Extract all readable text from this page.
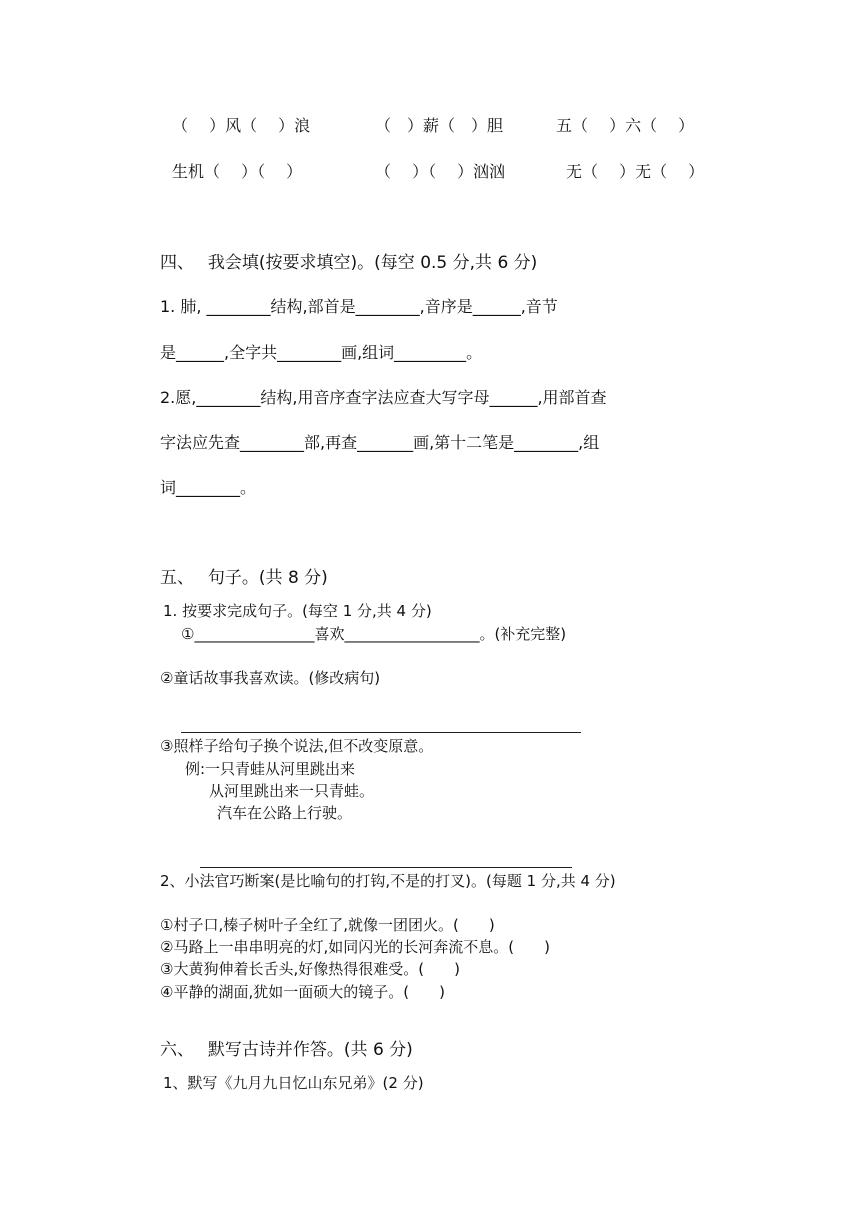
（　 ）风（　 ）浪	（　）薪（　）胆	五（　 ）六（　 ）
生机（　 ）（　 ）	（　 ）（　 ）汹汹	无（　 ）无（　 ）
四、　 我会填(按要求填空)。(每空 0.5 分,共 6 分)
1. 肺, ________结构,部首是________,音序是______,音节
是______,全字共________画,组词_________。
2.愿,________结构,用音序查字法应查大写字母______,用部首查
字法应先查________部,再查_______画,第十二笔是________,组
词________。
五、　 句子。(共 8 分)
1. 按要求完成句子。(每空 1 分,共 4 分)
①________________喜欢__________________。(补充完整)
②童话故事我喜欢读。(修改病句)
③照样子给句子换个说法,但不改变原意。
例:一只青蛙从河里跳出来
从河里跳出来一只青蛙。
汽车在公路上行驶。
2、小法官巧断案(是比喻句的打钩,不是的打叉)。(每题 1 分,共 4 分)
①村子口,榛子树叶子全红了,就像一团团火。(　　)
②马路上一串串明亮的灯,如同闪光的长河奔流不息。(　　)
③大黄狗伸着长舌头,好像热得很难受。(　　)
④平静的湖面,犹如一面硕大的镜子。(　　)
六、　 默写古诗并作答。(共 6 分)
1、默写《九月九日忆山东兄弟》(2 分)
